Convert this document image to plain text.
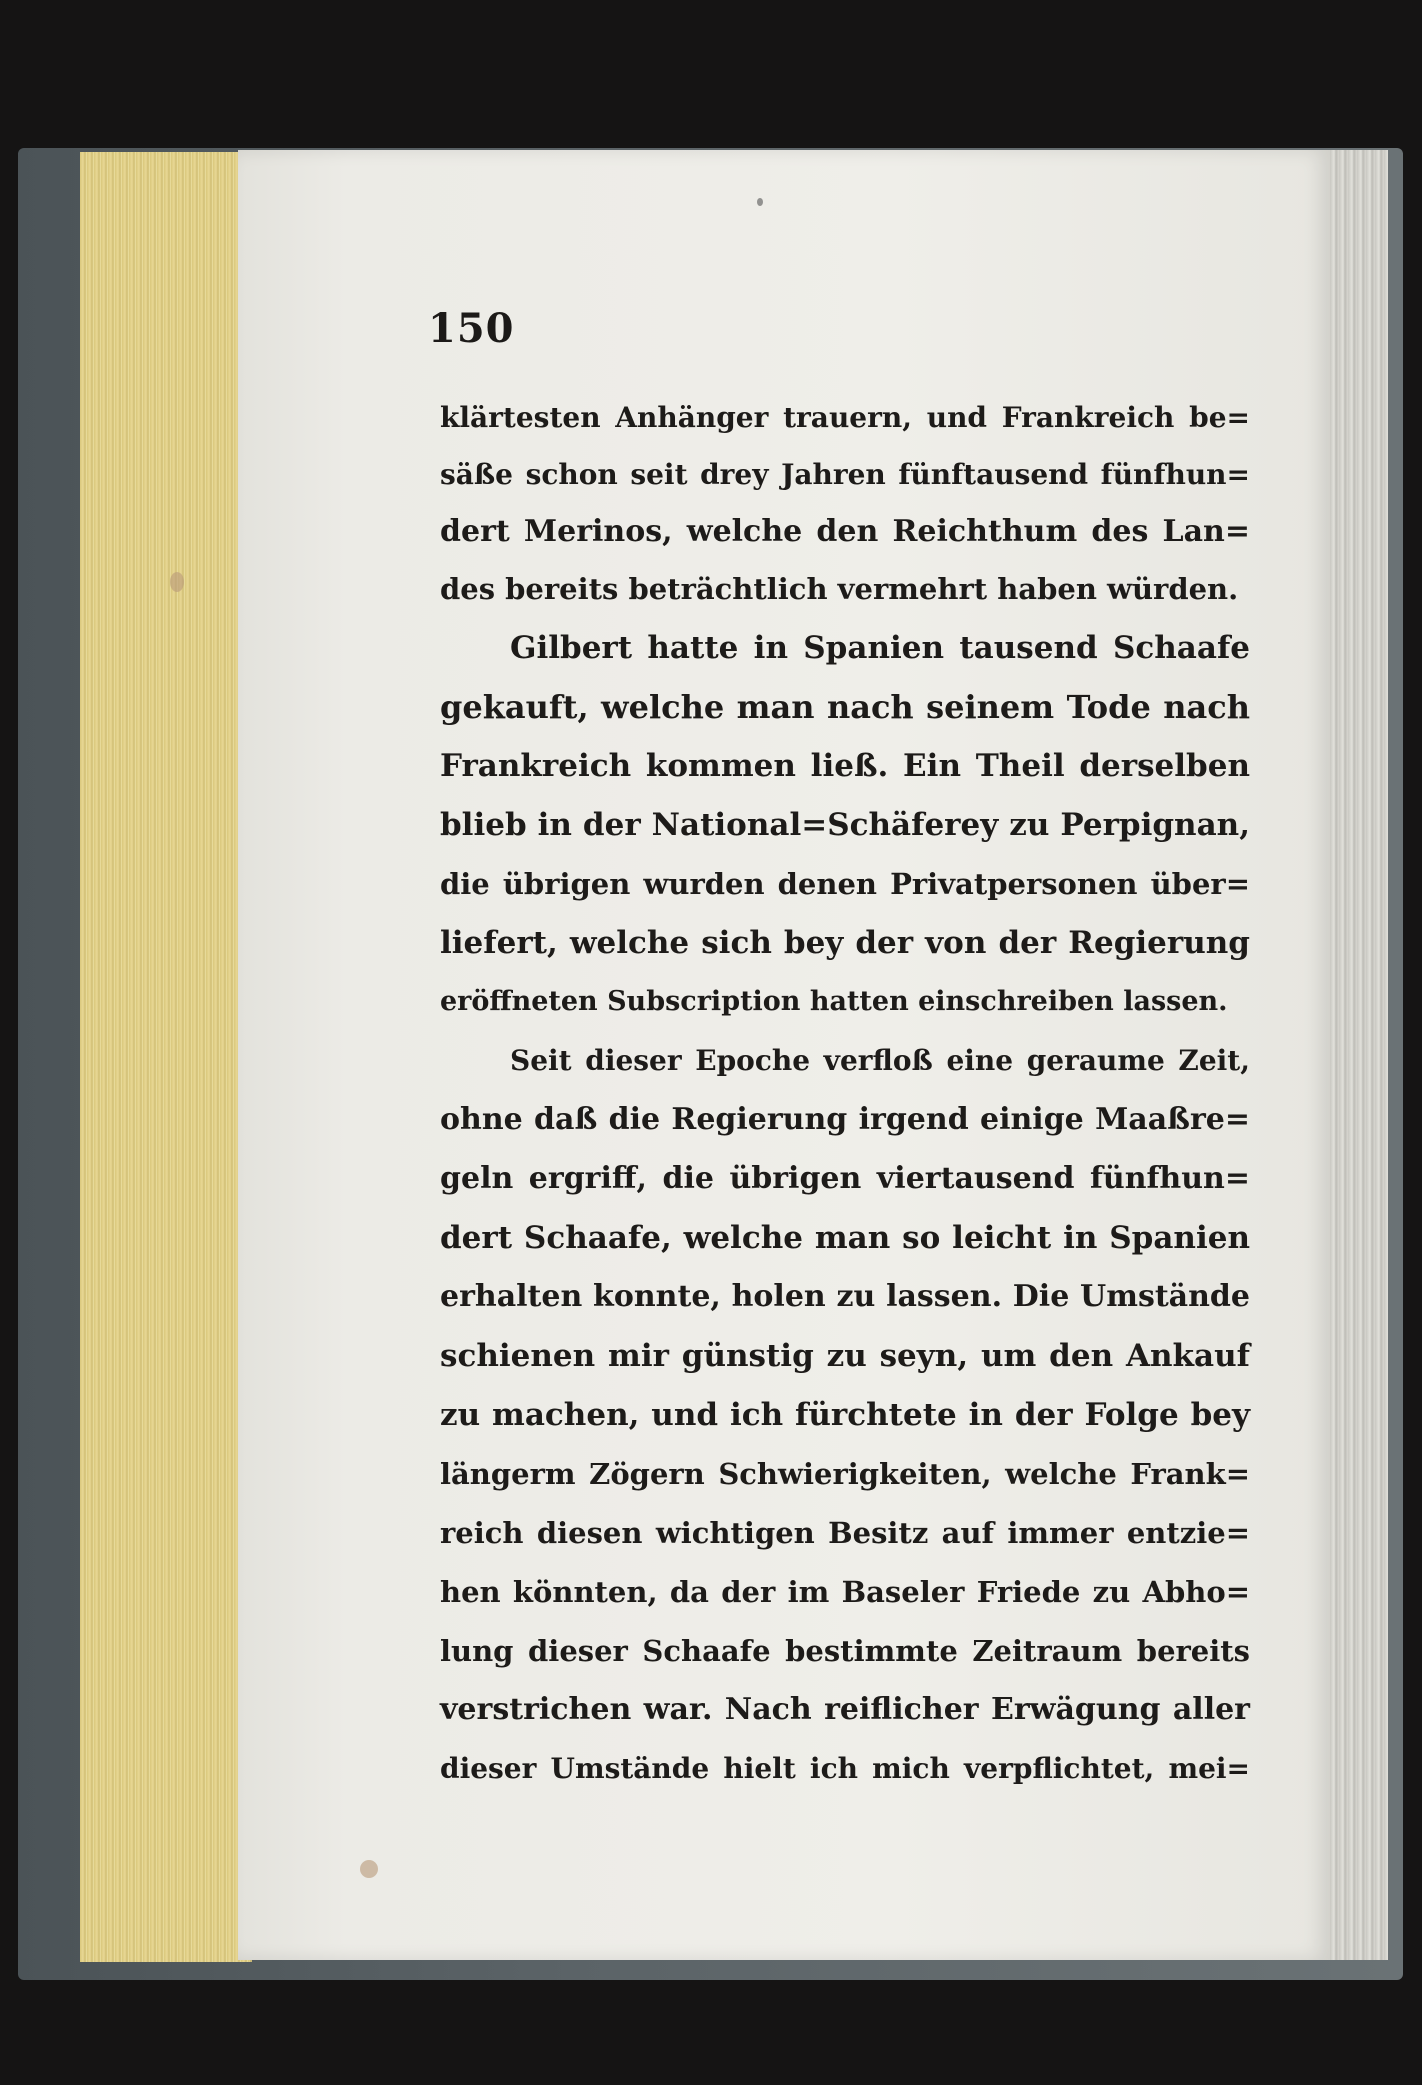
150
klärtesten Anhänger trauern, und Frankreich be=
säße schon seit drey Jahren fünftausend fünfhun=
dert Merinos, welche den Reichthum des Lan=
des bereits beträchtlich vermehrt haben würden.
Gilbert hatte in Spanien tausend Schaafe
gekauft, welche man nach seinem Tode nach
Frankreich kommen ließ. Ein Theil derselben
blieb in der National=Schäferey zu Perpignan,
die übrigen wurden denen Privatpersonen über=
liefert, welche sich bey der von der Regierung
eröffneten Subscription hatten einschreiben lassen.
Seit dieser Epoche verfloß eine geraume Zeit,
ohne daß die Regierung irgend einige Maaßre=
geln ergriff, die übrigen viertausend fünfhun=
dert Schaafe, welche man so leicht in Spanien
erhalten konnte, holen zu lassen. Die Umstände
schienen mir günstig zu seyn, um den Ankauf
zu machen, und ich fürchtete in der Folge bey
längerm Zögern Schwierigkeiten, welche Frank=
reich diesen wichtigen Besitz auf immer entzie=
hen könnten, da der im Baseler Friede zu Abho=
lung dieser Schaafe bestimmte Zeitraum bereits
verstrichen war. Nach reiflicher Erwägung aller
dieser Umstände hielt ich mich verpflichtet, mei=
